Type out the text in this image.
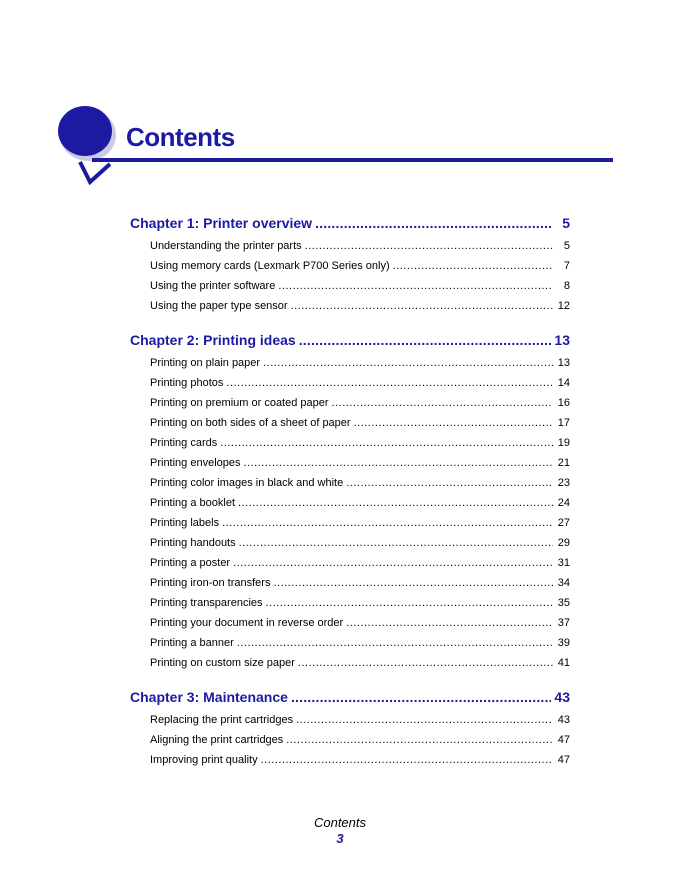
Contents
Chapter 1: Printer overview .....	5
Understanding the printer parts .....	5
Using memory cards (Lexmark P700 Series only) .....	7
Using the printer software .....	8
Using the paper type sensor .....	12
Chapter 2: Printing ideas .....	13
Printing on plain paper .....	13
Printing photos .....	14
Printing on premium or coated paper .....	16
Printing on both sides of a sheet of paper .....	17
Printing cards .....	19
Printing envelopes .....	21
Printing color images in black and white .....	23
Printing a booklet .....	24
Printing labels .....	27
Printing handouts .....	29
Printing a poster .....	31
Printing iron-on transfers .....	34
Printing transparencies .....	35
Printing your document in reverse order .....	37
Printing a banner .....	39
Printing on custom size paper .....	41
Chapter 3: Maintenance .....	43
Replacing the print cartridges .....	43
Aligning the print cartridges .....	47
Improving print quality .....	47
Contents
3
